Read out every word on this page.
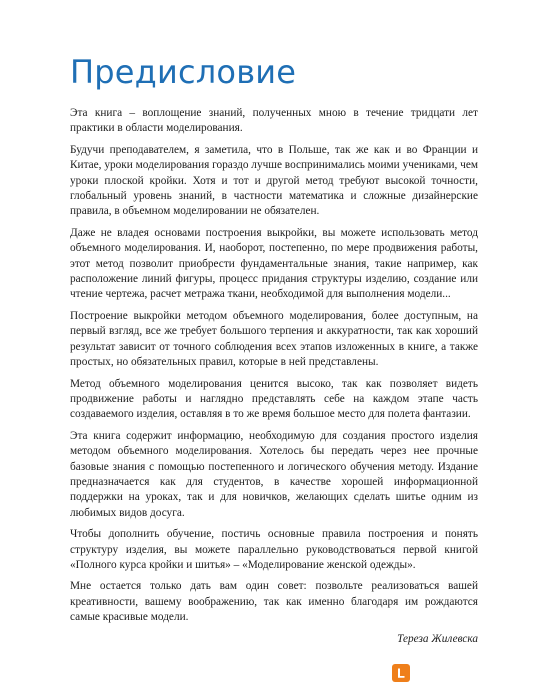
Предисловие

Эта книга – воплощение знаний, полученных мною в течение тридцати лет практики в области моделирования.

Будучи преподавателем, я заметила, что в Польше, так же как и во Франции и Китае, уроки моделирования гораздо лучше воспринимались моими учениками, чем уроки плоской кройки. Хотя и тот и другой метод требуют высокой точности, глобальный уровень знаний, в частности математика и сложные дизайнерские правила, в объемном моделировании не обязателен.

Даже не владея основами построения выкройки, вы можете использовать метод объемного моделирования. И, наоборот, постепенно, по мере продвижения работы, этот метод позволит приобрести фундаментальные знания, такие например, как расположение линий фигуры, процесс придания структуры изделию, создание или чтение чертежа, расчет метража ткани, необходимой для выполнения модели...

Построение выкройки методом объемного моделирования, более доступным, на первый взгляд, все же требует большого терпения и аккуратности, так как хороший результат зависит от точного соблюдения всех этапов изложенных в книге, а также простых, но обязательных правил, которые в ней представлены.

Метод объемного моделирования ценится высоко, так как позволяет видеть продвижение работы и наглядно представлять себе на каждом этапе часть создаваемого изделия, оставляя в то же время большое место для полета фантазии.

Эта книга содержит информацию, необходимую для создания простого изделия методом объемного моделирования. Хотелось бы передать через нее прочные базовые знания с помощью постепенного и логического обучения методу. Издание предназначается как для студентов, в качестве хорошей информационной поддержки на уроках, так и для новичков, желающих сделать шитье одним из любимых видов досуга.

Чтобы дополнить обучение, постичь основные правила построения и понять структуру изделия, вы можете параллельно руководствоваться первой книгой «Полного курса кройки и шитья» – «Моделирование женской одежды».

Мне остается только дать вам один совет: позвольте реализоваться вашей креативности, вашему воображению, так как именно благодаря им рождаются самые красивые модели.

Тереза Жилевска
